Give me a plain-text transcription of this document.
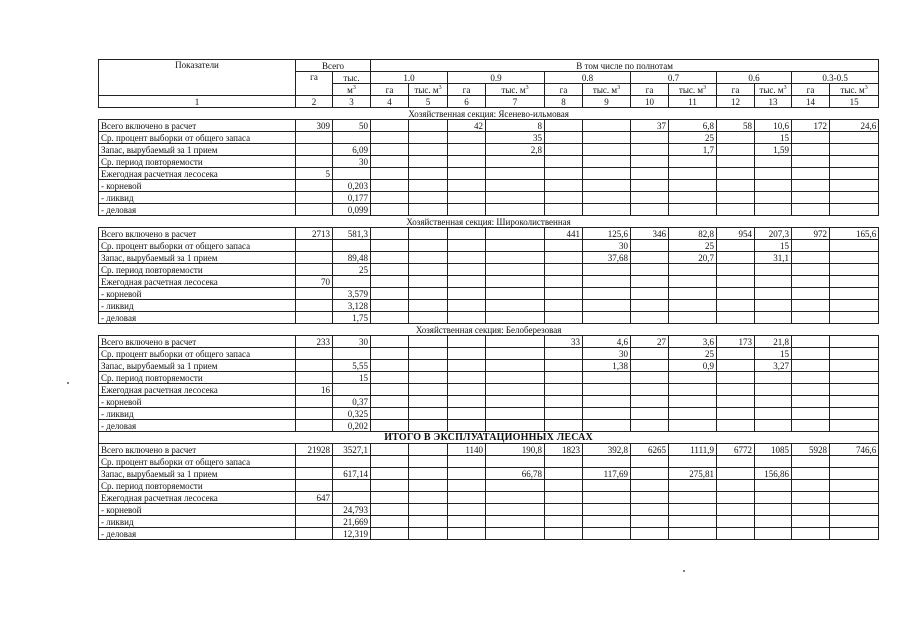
Показатели	Всего		В том числе по полнотам											
	га	тыс.	1.0		0.9		0.8		0.7		0.6		0.3-0.5	
		$м^3$	га	тыс. $м^3$	га	тыс. $м^3$	га	тыс. $м^3$	га	тыс. $м^3$	га	тыс. $м^3$	га	тыс. $м^3$
1	2	3	4	5	6	7	8	9	10	11	12	13	14	15
Хозяйственная секция: Ясенево-ильмовая														
Всего включено в расчет	309	50			42	8			37	6,8	58	10,6	172	24,6
Ср. процент выборки от общего запаса						35				25		15		
Запас, вырубаемый за 1 прием		6,09				2,8				1,7		1,59		
Ср. период повторяемости		30												
Ежегодная расчетная лесосека	5													
- корневой		0,203												
- ликвид		0,177												
- деловая		0,099												
Хозяйственная секция: Широколиственная														
Всего включено в расчет	2713	581,3					441	125,6	346	82,8	954	207,3	972	165,6
Ср. процент выборки от общего запаса								30		25		15		
Запас, вырубаемый за 1 прием		89,48						37,68		20,7		31,1		
Ср. период повторяемости		25												
Ежегодная расчетная лесосека	70													
- корневой		3,579												
- ликвид		3,128												
- деловая		1,75												
Хозяйственная секция: Белоберезовая														
Всего включено в расчет	233	30					33	4,6	27	3,6	173	21,8		
Ср. процент выборки от общего запаса								30		25		15		
Запас, вырубаемый за 1 прием		5,55						1,38		0,9		3,27		
Ср. период повторяемости		15												
Ежегодная расчетная лесосека	16													
- корневой		0,37												
- ликвид		0,325												
- деловая		0,202												
ИТОГО В ЭКСПЛУАТАЦИОННЫХ ЛЕСАХ														
Всего включено в расчет	21928	3527,1			1140	190,8	1823	392,8	6265	1111,9	6772	1085	5928	746,6
Ср. процент выборки от общего запаса														
Запас, вырубаемый за 1 прием		617,14				66,78		117,69		275,81		156,86		
Ср. период повторяемости														
Ежегодная расчетная лесосека	647													
- корневой		24,793												
- ликвид		21,669												
- деловая		12,319												
